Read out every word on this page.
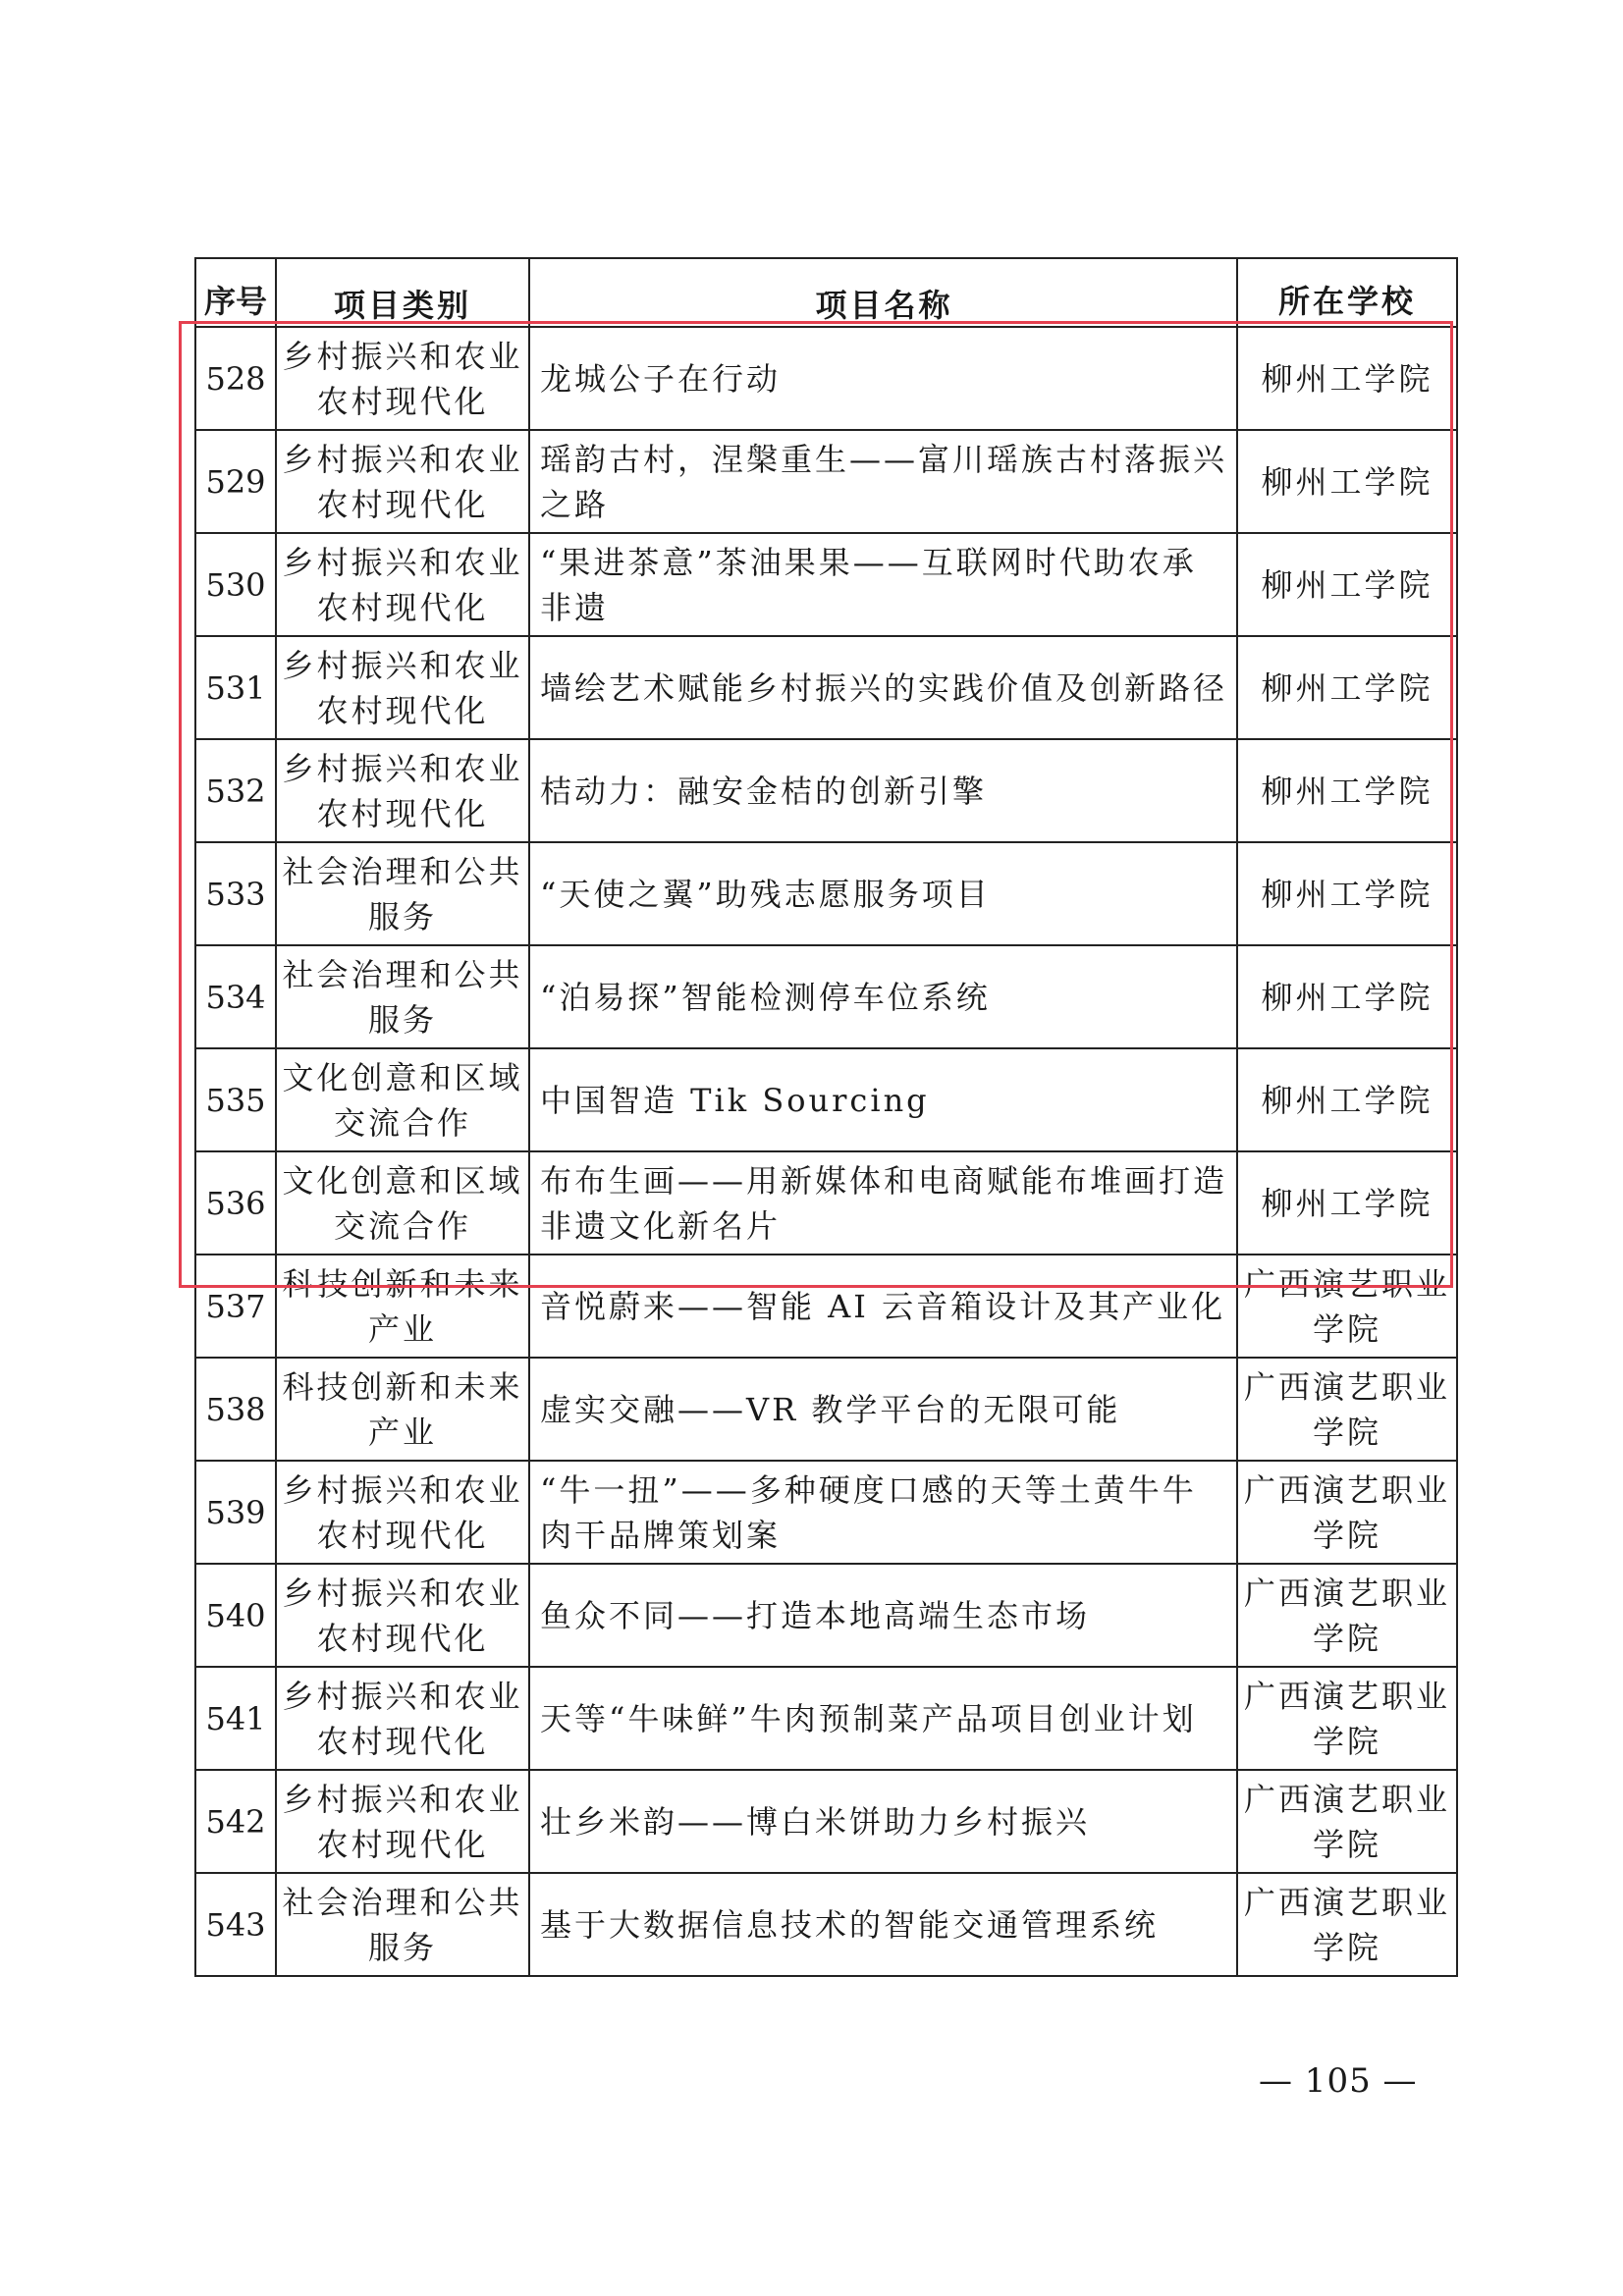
序号	项目类别	项目名称	所在学校
528	乡村振兴和农业农村现代化	龙城公子在行动	柳州工学院
529	乡村振兴和农业农村现代化	瑶韵古村，涅槃重生——富川瑶族古村落振兴之路	柳州工学院
530	乡村振兴和农业农村现代化	“果进茶意”茶油果果——互联网时代助农承非遗	柳州工学院
531	乡村振兴和农业农村现代化	墙绘艺术赋能乡村振兴的实践价值及创新路径	柳州工学院
532	乡村振兴和农业农村现代化	桔动力：融安金桔的创新引擎	柳州工学院
533	社会治理和公共服务	“天使之翼”助残志愿服务项目	柳州工学院
534	社会治理和公共服务	“泊易探”智能检测停车位系统	柳州工学院
535	文化创意和区域交流合作	中国智造 Tik Sourcing	柳州工学院
536	文化创意和区域交流合作	布布生画——用新媒体和电商赋能布堆画打造非遗文化新名片	柳州工学院
537	科技创新和未来产业	音悦蔚来——智能 AI 云音箱设计及其产业化	广西演艺职业学院
538	科技创新和未来产业	虚实交融——VR 教学平台的无限可能	广西演艺职业学院
539	乡村振兴和农业农村现代化	“牛一扭”——多种硬度口感的天等土黄牛牛肉干品牌策划案	广西演艺职业学院
540	乡村振兴和农业农村现代化	鱼众不同——打造本地高端生态市场	广西演艺职业学院
541	乡村振兴和农业农村现代化	天等“牛味鲜”牛肉预制菜产品项目创业计划	广西演艺职业学院
542	乡村振兴和农业农村现代化	壮乡米韵——博白米饼助力乡村振兴	广西演艺职业学院
543	社会治理和公共服务	基于大数据信息技术的智能交通管理系统	广西演艺职业学院
— 105 —
